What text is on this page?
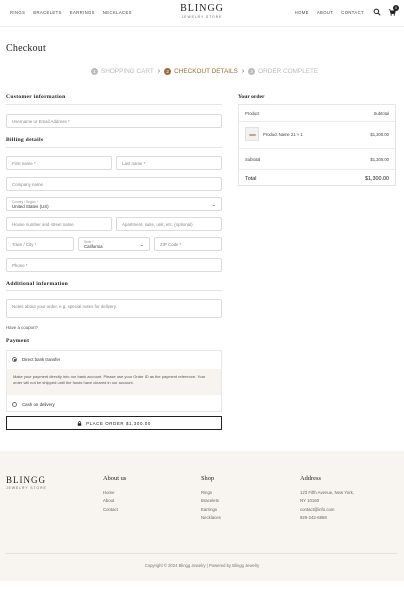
RINGS BRACELETS EARRINGS NECKLACES	BLINGG
JEWELRY STORE
HOME ABOUT CONTACT
0
Checkout
1 SHOPPING CART ›	2 CHECKOUT DETAILS ›	3 ORDER COMPLETE
Customer information
Username or Email Address *
Billing details
First name *	Last name *
Company name
Country / Region *
United States (US)	⌄
House number and street name	Apartment, suite, unit, etc. (optional)
Town / City *	State *
California	⌄	ZIP Code *
Phone *
Additional information
Notes about your order, e.g. special notes for delivery.
Have a coupon?
Payment
Direct bank transfer
Make your payment directly into our bank account. Please use your Order ID as the payment reference. Your order will not be shipped until the funds have cleared in our account.
Cash on delivery
PLACE ORDER $1,300.00
Your order
Product	Subtotal
Product Name 21 × 1	$1,300.00
Subtotal	$1,300.00
Total	$1,300.00
BLINGG
JEWELRY STORE
About us
Home
About
Contact
Shop
Rings
Bracelets
Earrings
Necklaces
Address
123 Fifth Avenue, New York,
NY 10160
contact@info.com
929-242-6868
Copyright © 2024 Blingg Jewelry | Powered by Blingg Jewelry
